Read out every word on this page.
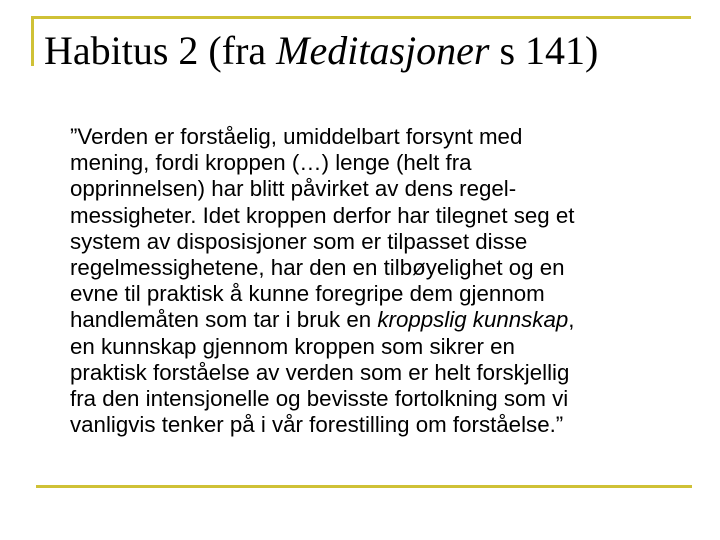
Habitus 2 (fra Meditasjoner s 141)

”Verden er forståelig, umiddelbart forsynt med
mening, fordi kroppen (…) lenge (helt fra
opprinnelsen) har blitt påvirket av dens regel-
messigheter. Idet kroppen derfor har tilegnet seg et
system av disposisjoner som er tilpasset disse
regelmessighetene, har den en tilbøyelighet og en
evne til praktisk å kunne foregripe dem gjennom
handlemåten som tar i bruk en kroppslig kunnskap,
en kunnskap gjennom kroppen som sikrer en
praktisk forståelse av verden som er helt forskjellig
fra den intensjonelle og bevisste fortolkning som vi
vanligvis tenker på i vår forestilling om forståelse.”
